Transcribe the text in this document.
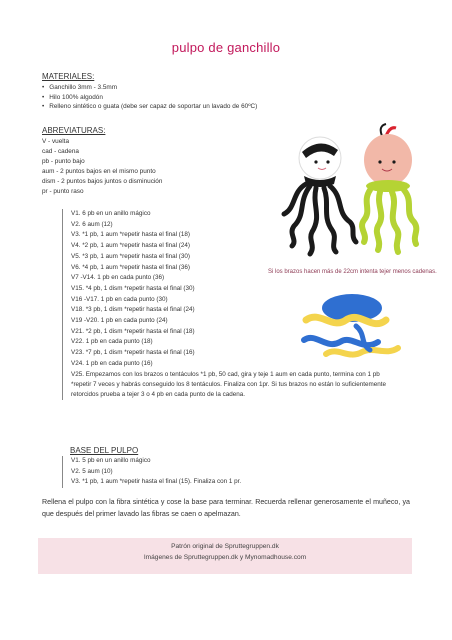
pulpo de ganchillo
MATERIALES:
• Ganchillo 3mm - 3.5mm
• Hilo 100% algodón
• Relleno sintético o guata (debe ser capaz de soportar un lavado de 60ºC)
ABREVIATURAS:
V - vuelta
cad - cadena
pb - punto bajo
aum - 2 puntos bajos en el mismo punto
dism - 2 puntos bajos juntos o disminución
pr - punto raso
Si los brazos hacen más de 22cm intenta tejer menos cadenas.
V1. 6 pb en un anillo mágico
V2. 6 aum (12)
V3. *1 pb, 1 aum *repetir hasta el final (18)
V4. *2 pb, 1 aum *repetir hasta el final (24)
V5. *3 pb, 1 aum *repetir hasta el final (30)
V6. *4 pb, 1 aum *repetir hasta el final (36)
V7 -V14. 1 pb en cada punto (36)
V15. *4 pb, 1 dism *repetir hasta el final (30)
V16 -V17. 1 pb en cada punto (30)
V18. *3 pb, 1 dism *repetir hasta el final (24)
V19 -V20. 1 pb en cada punto (24)
V21. *2 pb, 1 dism *repetir hasta el final (18)
V22. 1 pb en cada punto (18)
V23. *7 pb, 1 dism *repetir hasta el final (16)
V24. 1 pb en cada punto (16)
V25. Empezamos con los brazos o tentáculos *1 pb, 50 cad, gira y teje 1 aum en cada punto, termina con 1 pb *repetir 7 veces y habrás conseguido los 8 tentáculos. Finaliza con 1pr. Si tus brazos no están lo suficientemente retorcidos prueba a tejer 3 o 4 pb en cada punto de la cadena.
BASE DEL PULPO
V1. 5 pb en un anillo mágico
V2. 5 aum (10)
V3. *1 pb, 1 aum *repetir hasta el final (15). Finaliza con 1 pr.
Rellena el pulpo con la fibra sintética y cose la base para terminar. Recuerda rellenar generosamente el muñeco, ya que después del primer lavado las fibras se caen o apelmazan.
Patrón original de Spruttegruppen.dk
Imágenes de Spruttegruppen.dk y Mynomadhouse.com
